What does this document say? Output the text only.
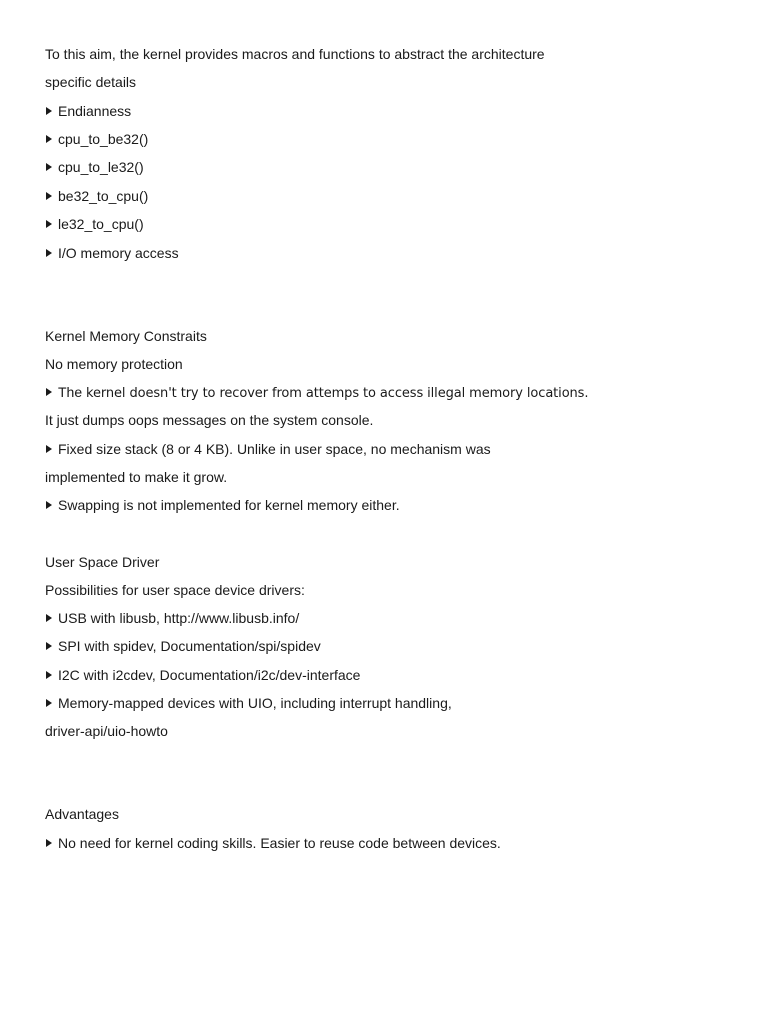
To this aim, the kernel provides macros and functions to abstract the architecture
specific details
Endianness
cpu_to_be32()
cpu_to_le32()
be32_to_cpu()
le32_to_cpu()
I/O memory access
Kernel Memory Constraits
No memory protection
The kernel doesn't try to recover from attemps to access illegal memory locations.
It just dumps oops messages on the system console.
Fixed size stack (8 or 4 KB). Unlike in user space, no mechanism was
implemented to make it grow.
Swapping is not implemented for kernel memory either.
User Space Driver
Possibilities for user space device drivers:
USB with libusb, http://www.libusb.info/
SPI with spidev, Documentation/spi/spidev
I2C with i2cdev, Documentation/i2c/dev-interface
Memory-mapped devices with UIO, including interrupt handling,
driver-api/uio-howto
Advantages
No need for kernel coding skills. Easier to reuse code between devices.
